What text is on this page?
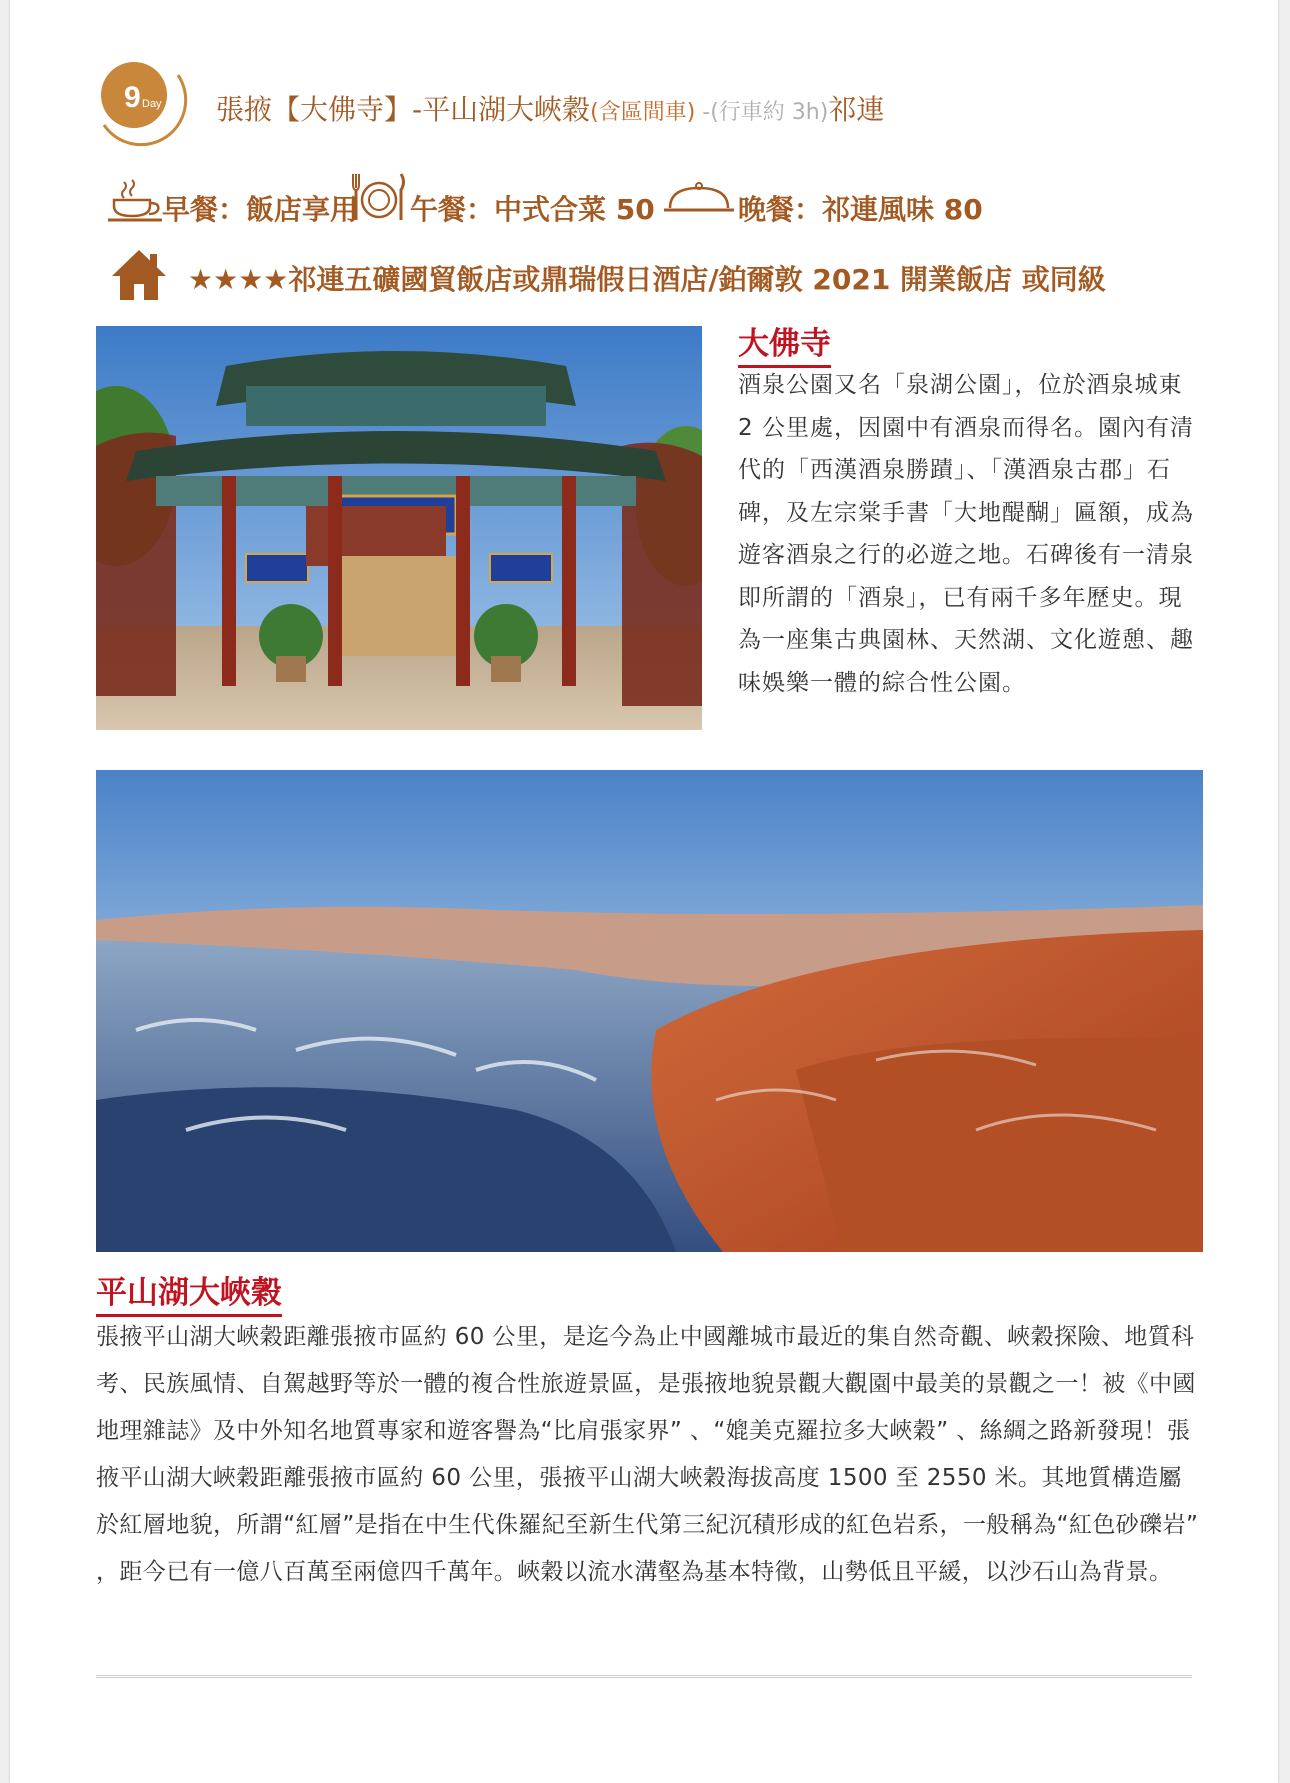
9 Day 張掖【大佛寺】-平山湖大峽穀(含區間車) -(行車約 3h)祁連
早餐：飯店享用 午餐：中式合菜 50	晚餐：祁連風味 80
★★★★祁連五礦國貿飯店或鼎瑞假日酒店/鉑爾敦 2021 開業飯店 或同級
大佛寺
酒泉公園又名「泉湖公園」，位於酒泉城東 2 公里處，因園中有酒泉而得名。園內有清代的「西漢酒泉勝蹟」、「漢酒泉古郡」石碑，及左宗棠手書「大地醍醐」匾額，成為遊客酒泉之行的必遊之地。石碑後有一清泉即所謂的「酒泉」，已有兩千多年歷史。現為一座集古典園林、天然湖、文化遊憩、趣味娛樂一體的綜合性公園。
平山湖大峽穀
張掖平山湖大峽穀距離張掖市區約 60 公里，是迄今為止中國離城市最近的集自然奇觀、峽穀探險、地質科考、民族風情、自駕越野等於一體的複合性旅遊景區，是張掖地貌景觀大觀園中最美的景觀之一！被《中國地理雜誌》及中外知名地質專家和遊客譽為“比肩張家界” 、“媲美克羅拉多大峽穀” 、絲綢之路新發現！張掖平山湖大峽穀距離張掖市區約 60 公里，張掖平山湖大峽穀海拔高度 1500 至 2550 米。其地質構造屬於紅層地貌，所謂“紅層”是指在中生代侏羅紀至新生代第三紀沉積形成的紅色岩系，一般稱為“紅色砂礫岩” ，距今已有一億八百萬至兩億四千萬年。峽穀以流水溝壑為基本特徵，山勢低且平緩，以沙石山為背景。
